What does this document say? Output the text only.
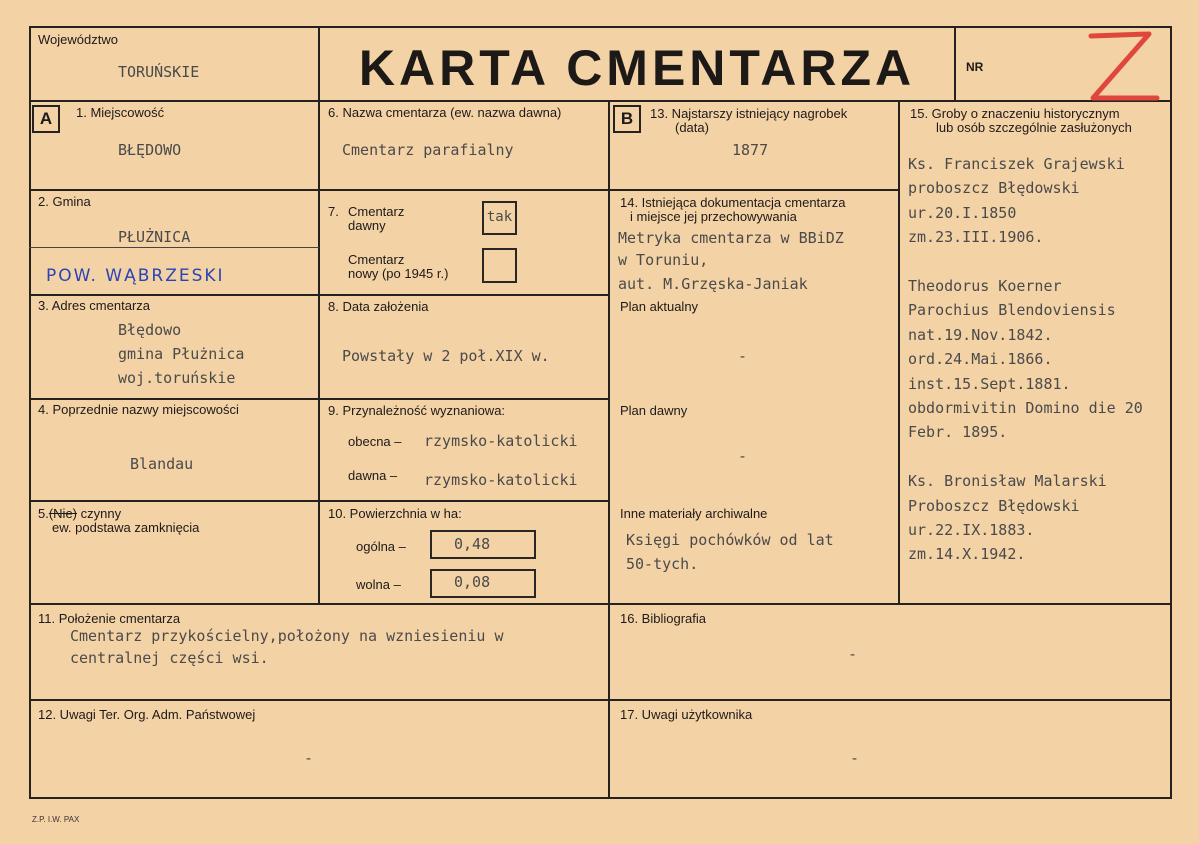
Województwo
TORUŃSKIE	KARTA CMENTARZA	NR
A	1. Miejscowość
BŁĘDOWO
2. Gmina
PŁUŻNICA
POW. WĄBRZESKI
3. Adres cmentarza
Błędowo
gmina Płużnica
woj.toruńskie
4. Poprzednie nazwy miejscowości
Blandau
5.(Nie) czynny
ew. podstawa zamknięcia
6. Nazwa cmentarza (ew. nazwa dawna)
Cmentarz parafialny
7. Cmentarz
dawny
tak
Cmentarz
nowy (po 1945 r.)
8. Data założenia
Powstały w 2 poł.XIX w.
9. Przynależność wyznaniowa:
obecna – rzymsko-katolicki
dawna – rzymsko-katolicki
10. Powierzchnia w ha:
ogólna –	0,48
wolna –	0,08
B	13. Najstarszy istniejący nagrobek
(data)
1877
14. Istniejąca dokumentacja cmentarza
i miejsce jej przechowywania
Metryka cmentarza w BBiDZ
w Toruniu,
aut. M.Grzęska-Janiak
Plan aktualny
-
Plan dawny
-
Inne materiały archiwalne
Księgi pochówków od lat
50-tych.
15. Groby o znaczeniu historycznym
lub osób szczególnie zasłużonych
Ks. Franciszek Grajewski
proboszcz Błędowski
ur.20.I.1850
zm.23.III.1906.
Theodorus Koerner
Parochius Blendoviensis
nat.19.Nov.1842.
ord.24.Mai.1866.
inst.15.Sept.1881.
obdormivitin Domino die 20
Febr. 1895.
Ks. Bronisław Malarski
Proboszcz Błędowski
ur.22.IX.1883.
zm.14.X.1942.
11. Położenie cmentarza
Cmentarz przykościelny,położony na wzniesieniu w
centralnej części wsi.
16. Bibliografia
-
12. Uwagi Ter. Org. Adm. Państwowej
-
17. Uwagi użytkownika
-
Z.P. I.W. PAX
